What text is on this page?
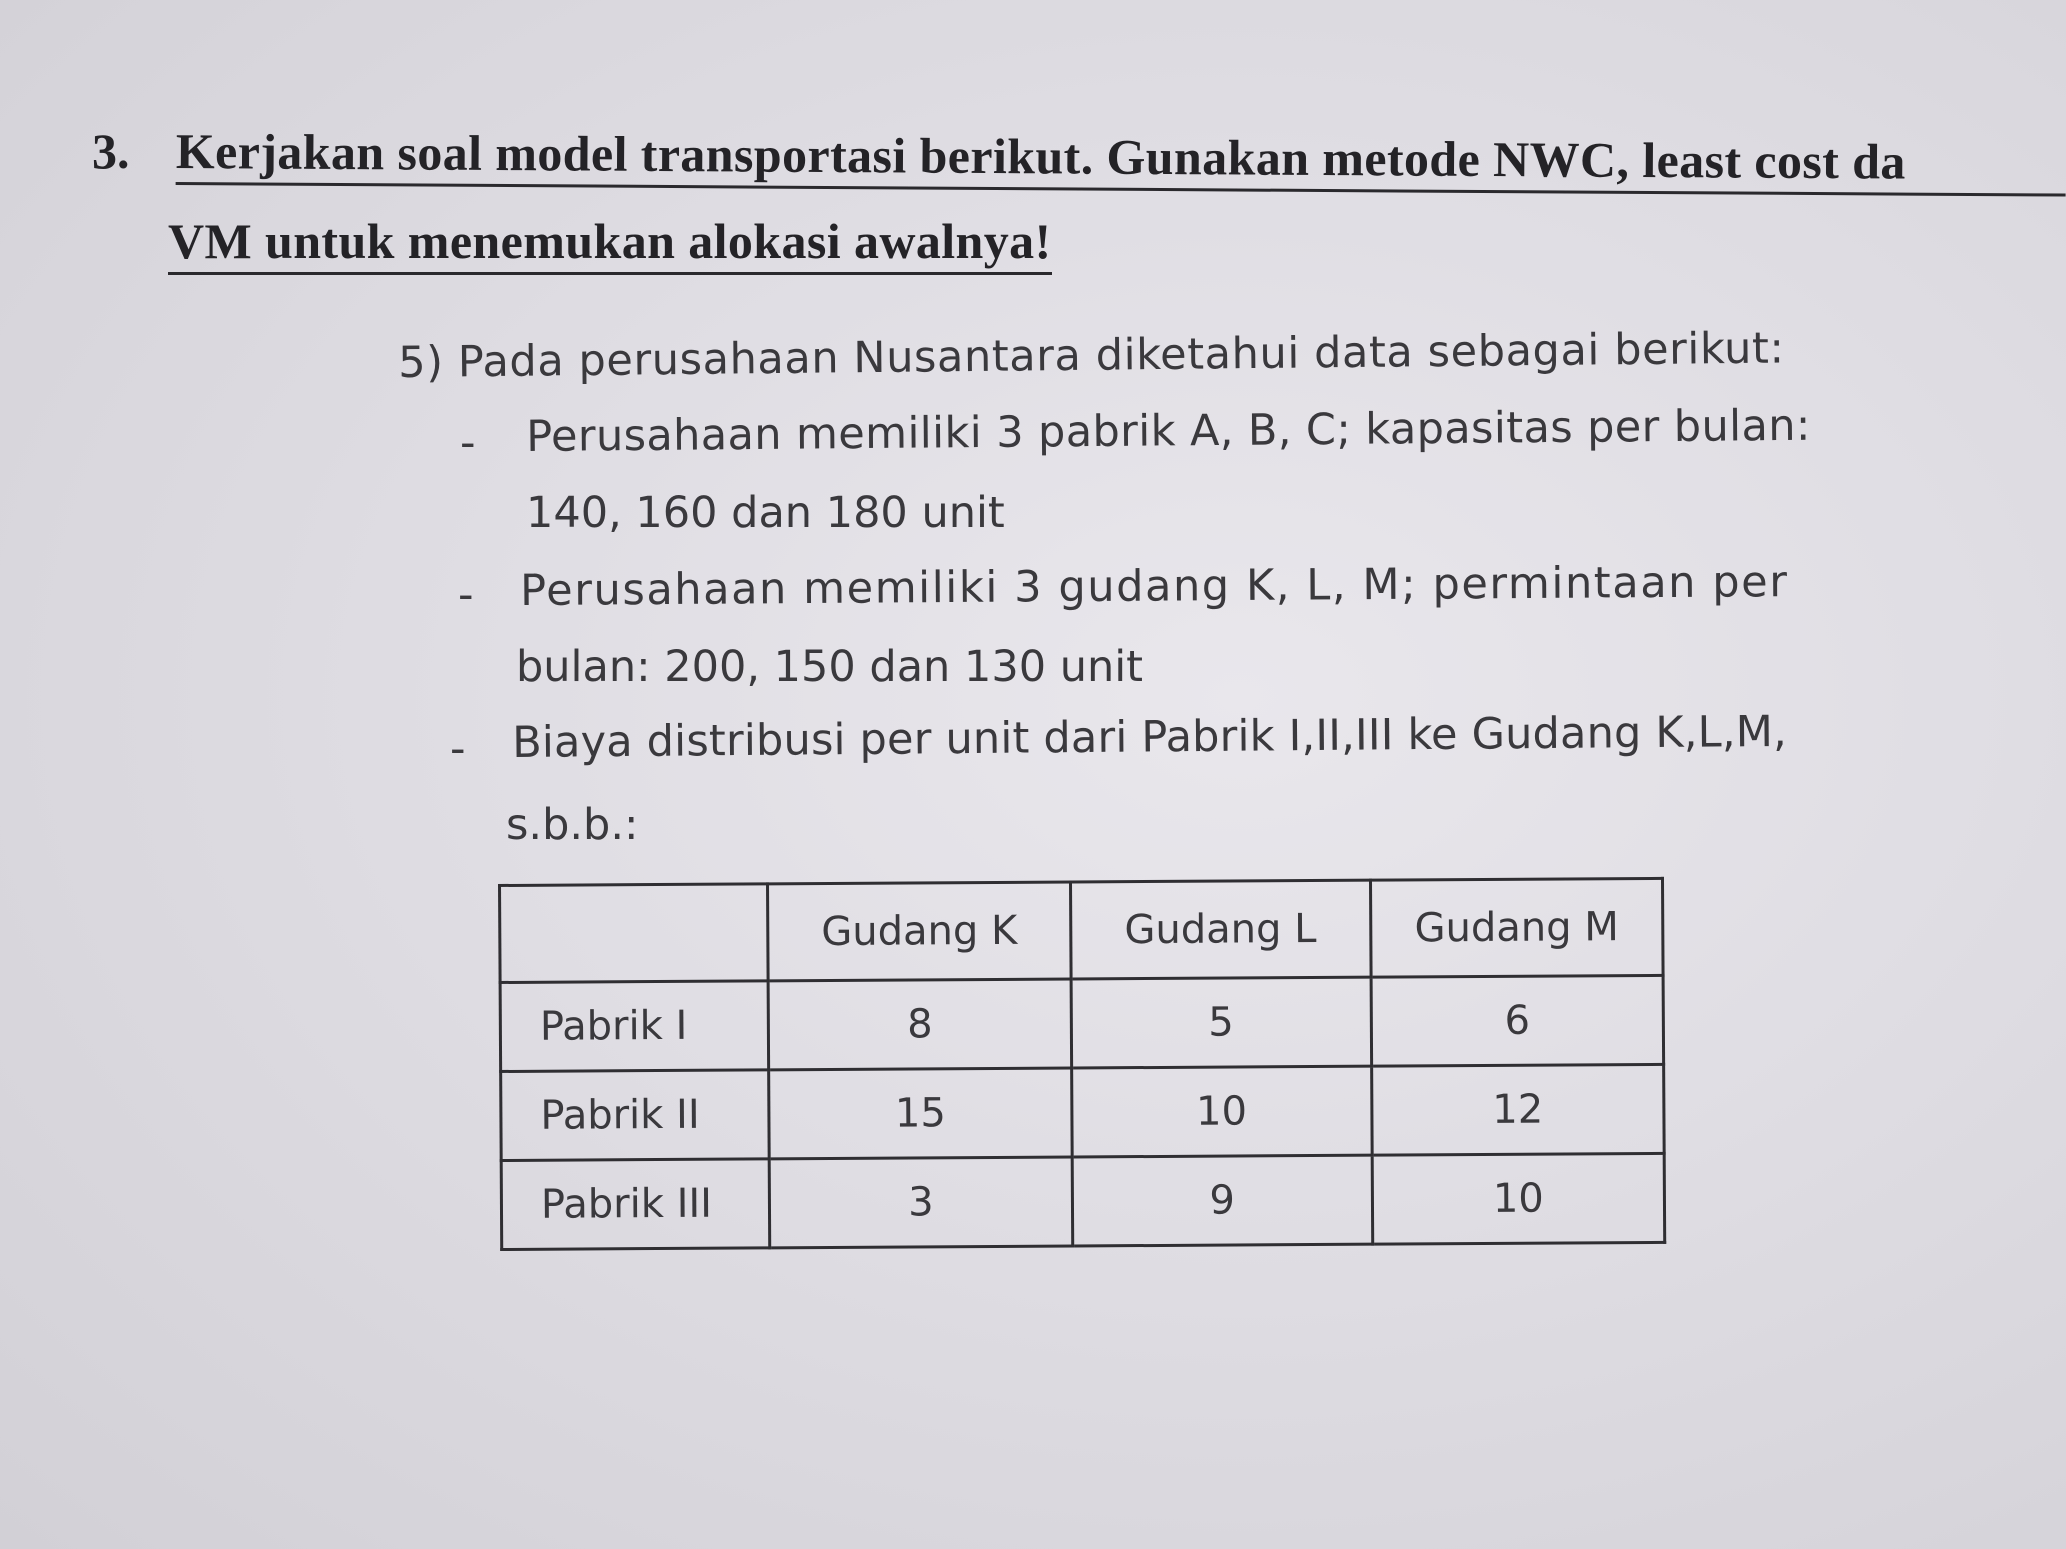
3. Kerjakan soal model transportasi berikut. Gunakan metode NWC, least cost da
VM untuk menemukan alokasi awalnya!
5) Pada perusahaan Nusantara diketahui data sebagai berikut:
- Perusahaan memiliki 3 pabrik A, B, C; kapasitas per bulan:
140, 160 dan 180 unit
- Perusahaan memiliki 3 gudang K, L, M; permintaan per
bulan: 200, 150 dan 130 unit
- Biaya distribusi per unit dari Pabrik I,II,III ke Gudang K,L,M,
s.b.b.:
	Gudang K	Gudang L	Gudang M
Pabrik I	8	5	6
Pabrik II	15	10	12
Pabrik III	3	9	10
